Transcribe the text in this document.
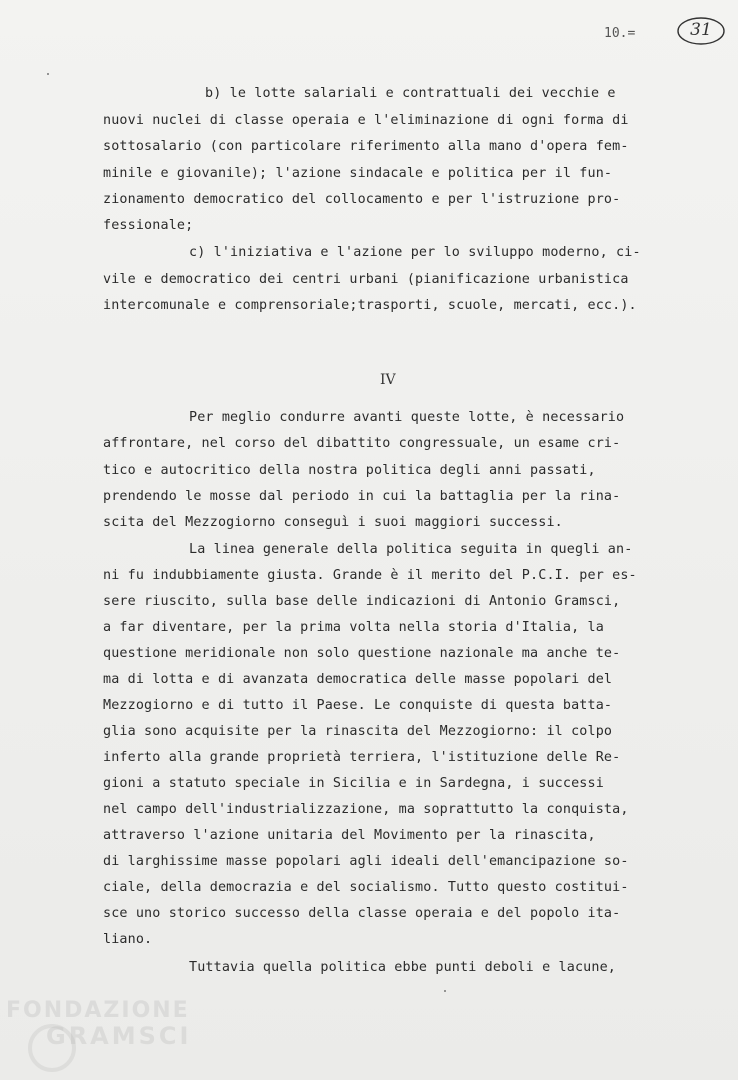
10.=	31

b) le lotte salariali e contrattuali dei vecchie e

nuovi nuclei di classe operaia e l'eliminazione di ogni forma di

sottosalario (con particolare riferimento alla mano d'opera fem-

minile e giovanile); l'azione sindacale e politica per il fun-

zionamento democratico del collocamento e per l'istruzione pro-

fessionale;

c) l'iniziativa e l'azione per lo sviluppo moderno, ci-

vile e democratico dei centri urbani (pianificazione urbanistica

intercomunale e comprensoriale;trasporti, scuole, mercati, ecc.).

IV

Per meglio condurre avanti queste lotte, è necessario

affrontare, nel corso del dibattito congressuale, un esame cri-

tico e autocritico della nostra politica degli anni passati,

prendendo le mosse dal periodo in cui la battaglia per la rina-

scita del Mezzogiorno conseguì i suoi maggiori successi.

La linea generale della politica seguita in quegli an-

ni fu indubbiamente giusta. Grande è il merito del P.C.I. per es-

sere riuscito, sulla base delle indicazioni di Antonio Gramsci,

a far diventare, per la prima volta nella storia d'Italia, la

questione meridionale non solo questione nazionale ma anche te-

ma di lotta e di avanzata democratica delle masse popolari del

Mezzogiorno e di tutto il Paese. Le conquiste di questa batta-

glia sono acquisite per la rinascita del Mezzogiorno: il colpo

inferto alla grande proprietà terriera, l'istituzione delle Re-

gioni a statuto speciale in Sicilia e in Sardegna, i successi

nel campo dell'industrializzazione, ma soprattutto la conquista,

attraverso l'azione unitaria del Movimento per la rinascita,

di larghissime masse popolari agli ideali dell'emancipazione so-

ciale, della democrazia e del socialismo. Tutto questo costitui-

sce uno storico successo della classe operaia e del popolo ita-

liano.

Tuttavia quella politica ebbe punti deboli e lacune,

FONDAZIONE
GRAMSCI
